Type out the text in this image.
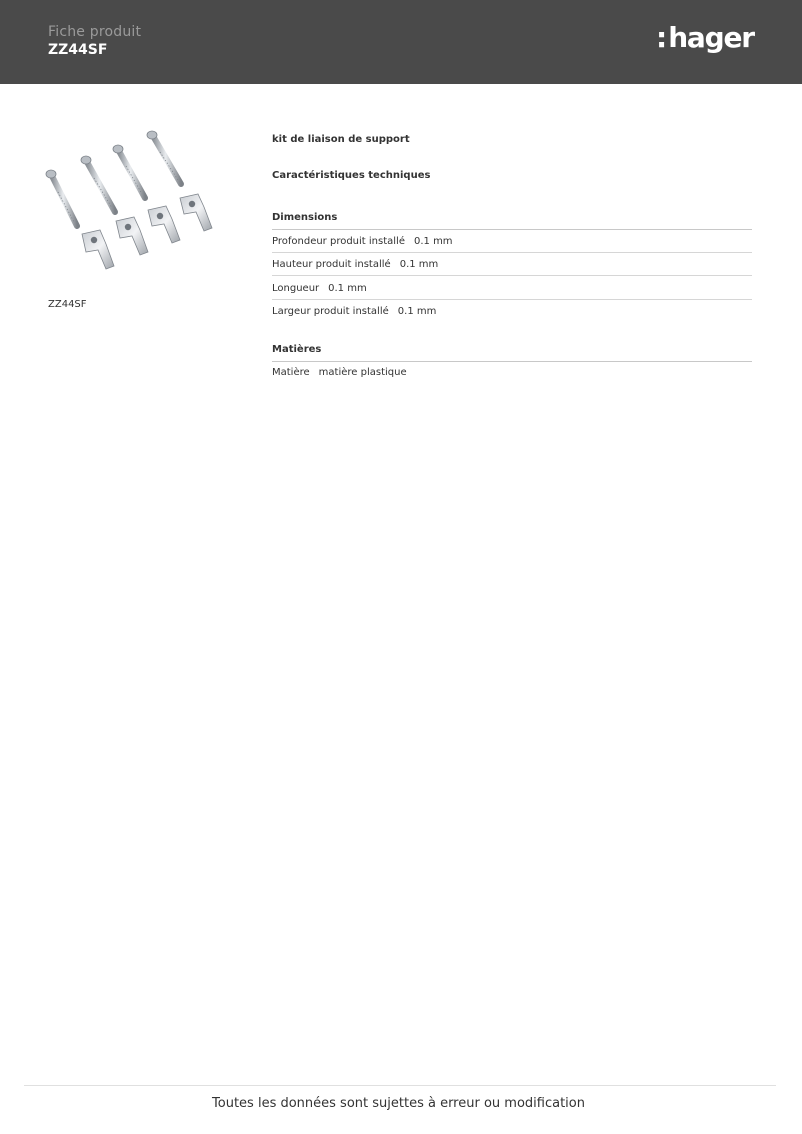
Fiche produit
ZZ44SF	:hager
ZZ44SF
kit de liaison de support
Caractéristiques techniques
Dimensions
Profondeur produit installé 0.1 mm
Hauteur produit installé 0.1 mm
Longueur 0.1 mm
Largeur produit installé 0.1 mm
Matières
Matière matière plastique
Toutes les données sont sujettes à erreur ou modification
